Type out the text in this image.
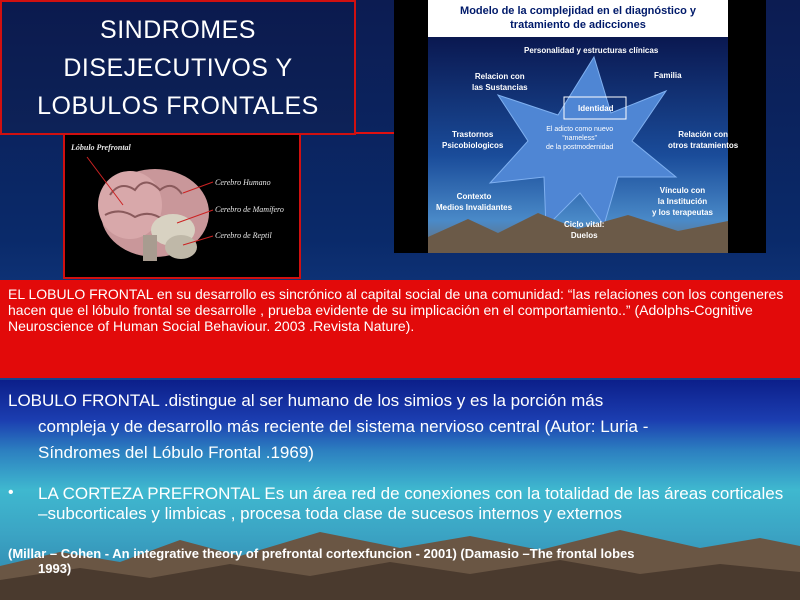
SINDROMES
DISEJECUTIVOS Y
LOBULOS FRONTALES
Lóbulo Prefrontal
Cerebro Humano
Cerebro de Mamífero
Cerebro de Reptil
Modelo de la complejidad en el diagnóstico y
tratamiento de adicciones
Personalidad y estructuras clínicas
Relacion con
las Sustancias
Familia
Identidad
Trastornos
Psicobiologicos
El adicto como nuevo
“nameless”
de la postmodernidad
Relación con
otros tratamientos
Contexto
Medios Invalidantes
Vínculo con
la Institución
y los terapeutas
Ciclo vital:
Duelos
EL LOBULO FRONTAL en su desarrollo es sincrónico al capital social de una comunidad: “las relaciones con los congeneres hacen que el lóbulo frontal se desarrolle , prueba evidente de su implicación en el comportamiento..” (Adolphs-Cognitive Neuroscience of Human Social Behaviour. 2003 .Revista Nature).
LOBULO FRONTAL .distingue al ser humano de los simios y es la porción más
compleja y de desarrollo más reciente del sistema nervioso central (Autor: Luria -
Síndromes del Lóbulo Frontal .1969)
•	LA CORTEZA PREFRONTAL Es un área red de conexiones con la totalidad de las áreas corticales –subcorticales y limbicas , procesa toda clase de sucesos internos y externos
(Millar – Cohen - An integrative theory of prefrontal cortexfuncion - 2001) (Damasio –The frontal lobes
1993)
